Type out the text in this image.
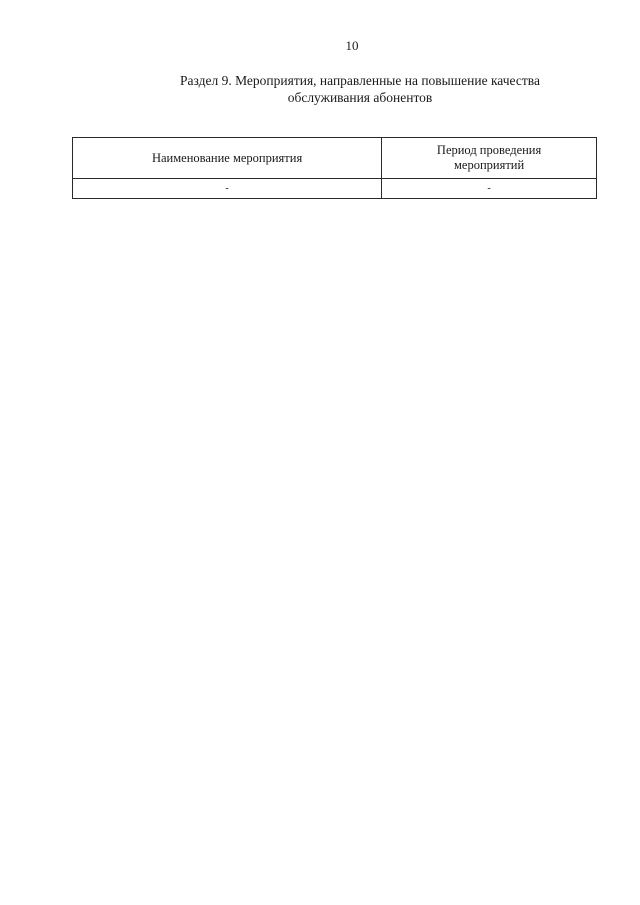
10
Раздел 9. Мероприятия, направленные на повышение качества
обслуживания абонентов
Наименование мероприятия	Период проведения
мероприятий

-	-
